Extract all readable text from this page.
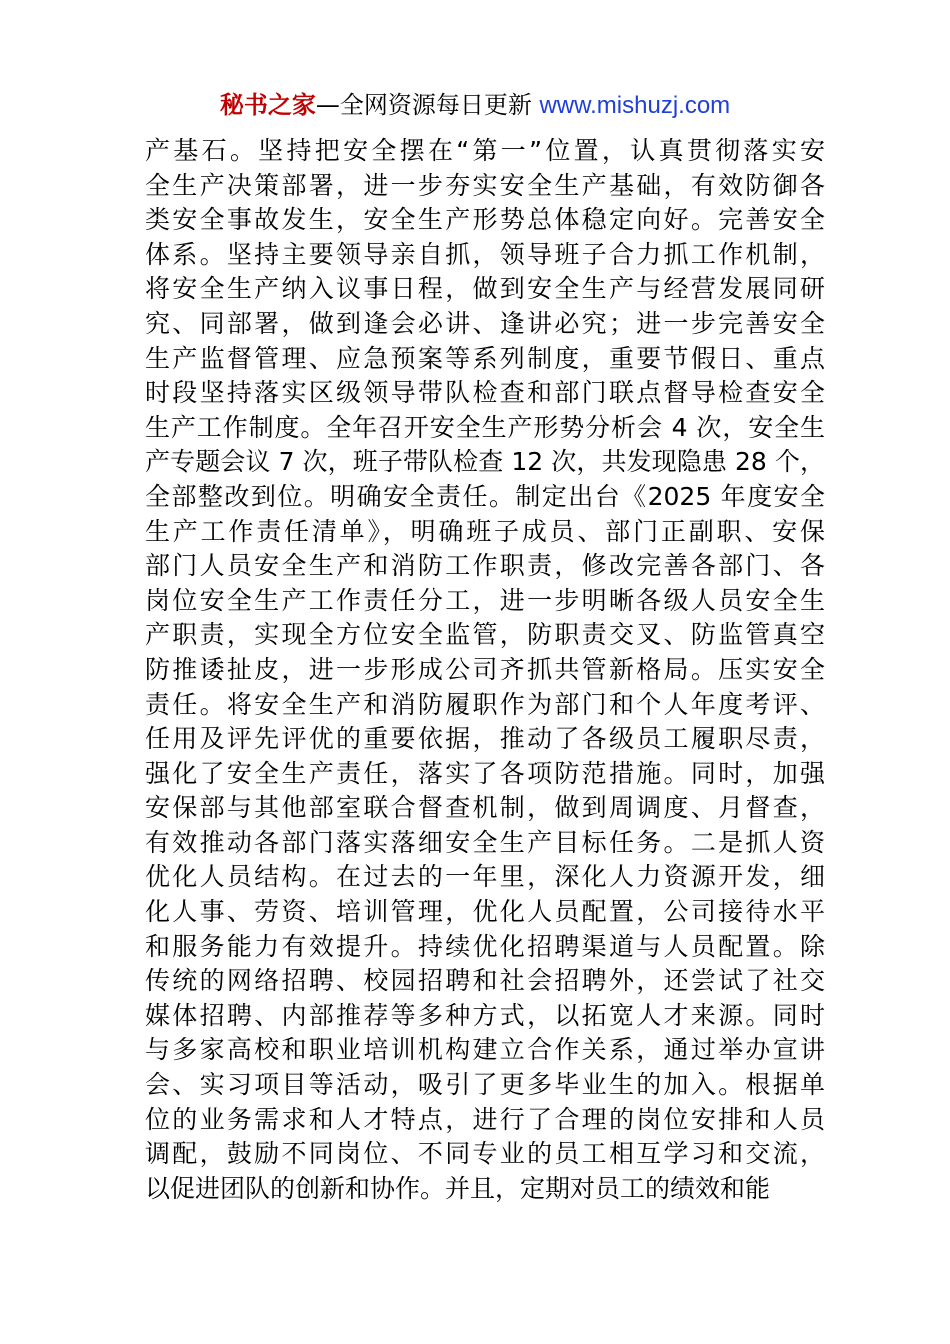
秘书之家—全网资源每日更新 www.mishuzj.com
产基石。坚持把安全摆在“第一”位置，认真贯彻落实安
全生产决策部署，进一步夯实安全生产基础，有效防御各
类安全事故发生，安全生产形势总体稳定向好。完善安全
体系。坚持主要领导亲自抓，领导班子合力抓工作机制，
将安全生产纳入议事日程，做到安全生产与经营发展同研
究、同部署，做到逢会必讲、逢讲必究；进一步完善安全
生产监督管理、应急预案等系列制度，重要节假日、重点
时段坚持落实区级领导带队检查和部门联点督导检查安全
生产工作制度。全年召开安全生产形势分析会 4 次，安全生
产专题会议 7 次，班子带队检查 12 次，共发现隐患 28 个，
全部整改到位。明确安全责任。制定出台《2025 年度安全
生产工作责任清单》，明确班子成员、部门正副职、安保
部门人员安全生产和消防工作职责，修改完善各部门、各
岗位安全生产工作责任分工，进一步明晰各级人员安全生
产职责，实现全方位安全监管，防职责交叉、防监管真空
防推诿扯皮，进一步形成公司齐抓共管新格局。压实安全
责任。将安全生产和消防履职作为部门和个人年度考评、
任用及评先评优的重要依据，推动了各级员工履职尽责，
强化了安全生产责任，落实了各项防范措施。同时，加强
安保部与其他部室联合督查机制，做到周调度、月督查，
有效推动各部门落实落细安全生产目标任务。二是抓人资
优化人员结构。在过去的一年里，深化人力资源开发，细
化人事、劳资、培训管理，优化人员配置，公司接待水平
和服务能力有效提升。持续优化招聘渠道与人员配置。除
传统的网络招聘、校园招聘和社会招聘外，还尝试了社交
媒体招聘、内部推荐等多种方式，以拓宽人才来源。同时
与多家高校和职业培训机构建立合作关系，通过举办宣讲
会、实习项目等活动，吸引了更多毕业生的加入。根据单
位的业务需求和人才特点，进行了合理的岗位安排和人员
调配，鼓励不同岗位、不同专业的员工相互学习和交流，
以促进团队的创新和协作。并且，定期对员工的绩效和能
